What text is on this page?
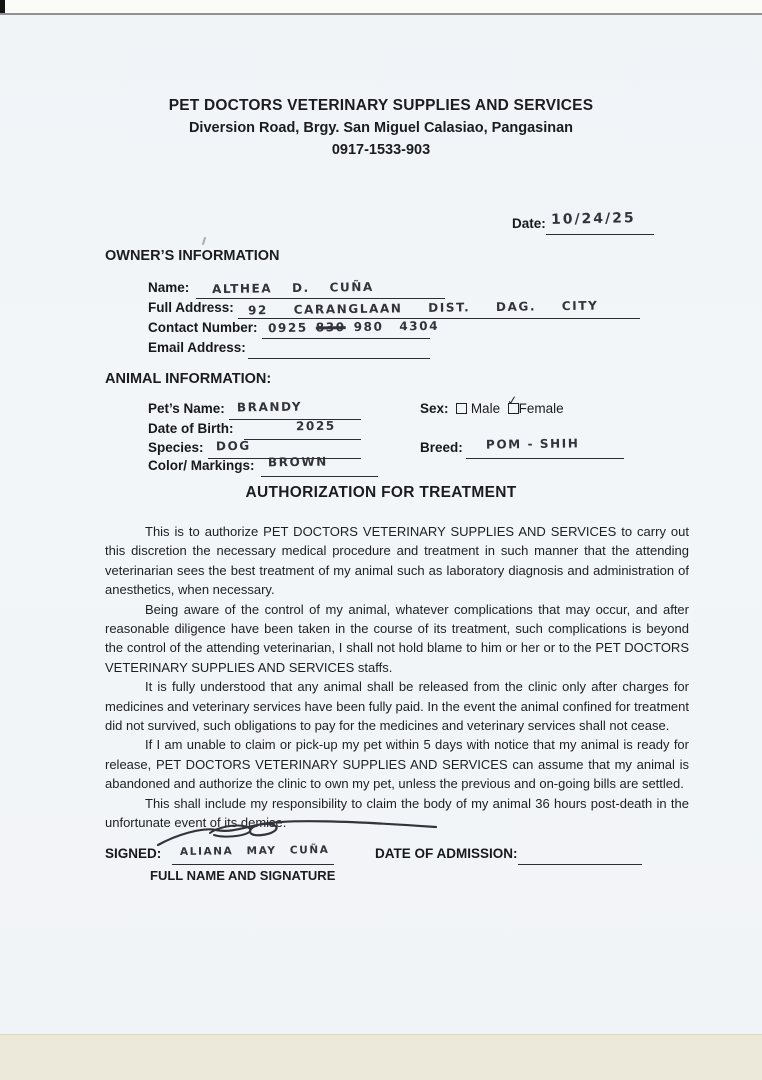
PET DOCTORS VETERINARY SUPPLIES AND SERVICES
Diversion Road, Brgy. San Miguel Calasiao, Pangasinan
0917-1533-903
Date: 10/24/25
OWNER’S INFORMATION
Name: ALTHEA D. CUÑA
Full Address: 92 CARANGLAAN DIST. DAG. CITY
Contact Number: 0925 830 980 4304
Email Address:
ANIMAL INFORMATION:
Pet’s Name: BRANDY	Sex: Male ✓ Female
Date of Birth:	2025
Species: DOG	Breed: POM - SHIH
Color/ Markings: BROWN
AUTHORIZATION FOR TREATMENT

This is to authorize PET DOCTORS VETERINARY SUPPLIES AND SERVICES to carry out this discretion the necessary medical procedure and treatment in such manner that the attending veterinarian sees the best treatment of my animal such as laboratory diagnosis and administration of anesthetics, when necessary.

Being aware of the control of my animal, whatever complications that may occur, and after reasonable diligence have been taken in the course of its treatment, such complications is beyond the control of the attending veterinarian, I shall not hold blame to him or her or to the PET DOCTORS VETERINARY SUPPLIES AND SERVICES staffs.

It is fully understood that any animal shall be released from the clinic only after charges for medicines and veterinary services have been fully paid. In the event the animal confined for treatment did not survived, such obligations to pay for the medicines and veterinary services shall not cease.

If I am unable to claim or pick-up my pet within 5 days with notice that my animal is ready for release, PET DOCTORS VETERINARY SUPPLIES AND SERVICES can assume that my animal is abandoned and authorize the clinic to own my pet, unless the previous and on-going bills are settled.

This shall include my responsibility to claim the body of my animal 36 hours post-death in the unfortunate event of its demise.

SIGNED: ALIANA MAY CUÑA
FULL NAME AND SIGNATURE
DATE OF ADMISSION:
